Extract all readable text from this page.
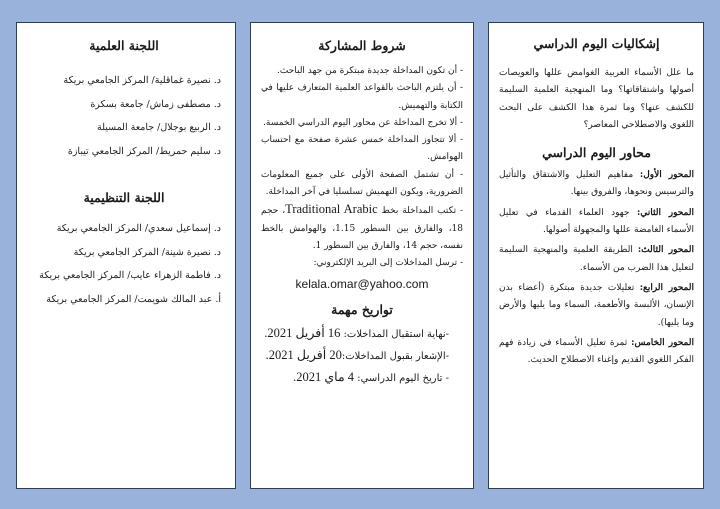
إشكاليات اليوم الدراسي

ما علل الأسماء العربية الغوامض عللها والعويصات أصولها واشتقاقاتها؟ وما المنهجية العلمية السليمة للكشف عنها؟ وما ثمرة هذا الكشف على البحث اللغوي والاصطلاحي المعاصر؟

محاور اليوم الدراسي

المحور الأول: مفاهيم التعليل والاشتقاق والتأثيل والترسيس ونحوها، والفروق بينها.

المحور الثاني: جهود العلماء القدماء في تعليل الأسماء الغامضة عللها والمجهولة أصولها.

المحور الثالث: الطريقة العلمية والمنهجية السليمة لتعليل هذا الضرب من الأسماء.

المحور الرابع: تعليلات جديدة مبتكرة (أعضاء بدن الإنسان، الألبسة والأطعمة، السماء وما يليها والأرض وما يليها).

المحور الخامس: ثمرة تعليل الأسماء في زيادة فهم الفكر اللغوي القديم وإغناء الاصطلاح الحديث.

شروط المشاركة

- أن تكون المداخلة جديدة مبتكرة من جهد الباحث.

- أن يلتزم الباحث بالقواعد العلمية المتعارف عليها في الكتابة والتهميش.

- ألا تخرج المداخلة عن محاور اليوم الدراسي الخمسة.

- ألا تتجاوز المداخلة خمس عشرة صفحة مع احتساب الهوامش.

- أن تشتمل الصفحة الأولى على جميع المعلومات الضرورية، ويكون التهميش تسلسليا في آخر المداخلة.

- تكتب المداخلة بخط Traditional Arabic، حجم 18، والفارق بين السطور 1.15، والهوامش بالخط نفسه، حجم 14، والفارق بين السطور 1.

- ترسل المداخلات إلى البريد الإلكتروني:

kelala.omar@yahoo.com
تواريخ مهمة
-نهاية استقبال المداخلات: 16 أفريل 2021.
-الإشعار بقبول المداخلات:20 أفريل 2021.
- تاريخ اليوم الدراسي: 4 ماي 2021.
اللجنة العلمية
د. نصيرة غماقلية/ المركز الجامعي بريكة
د. مصطفى زماش/ جامعة بسكرة
د. الربيع بوجلال/ جامعة المسيلة
د. سليم حمريط/ المركز الجامعي تيبازة
اللجنة التنظيمية
د. إسماعيل سعدي/ المركز الجامعي بريكة
د. نصيرة شينة/ المركز الجامعي بريكة
د. فاطمة الزهراء عايب/ المركز الجامعي بريكة
أ. عبد المالك شويمت/ المركز الجامعي بريكة
